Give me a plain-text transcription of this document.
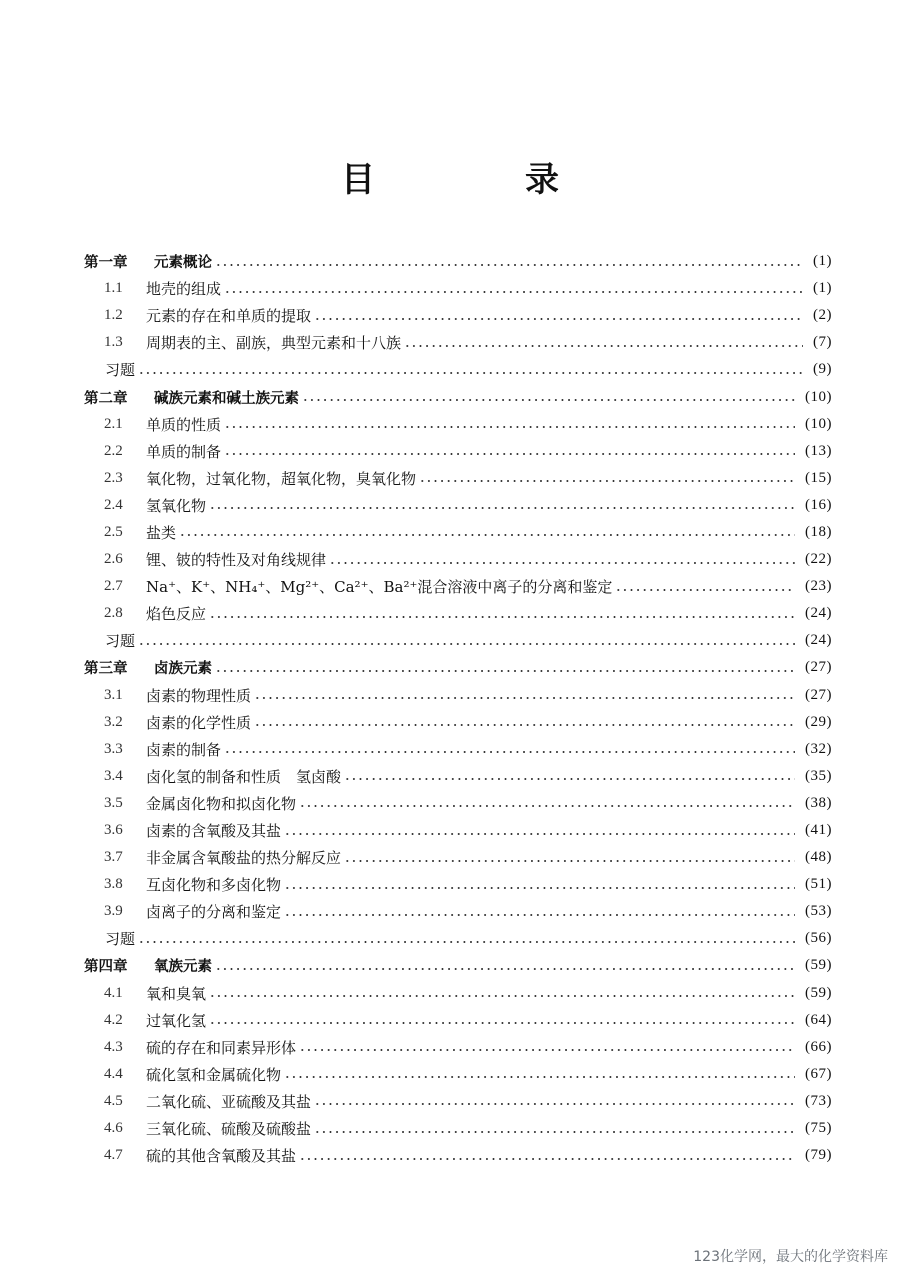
目　录
第一章	元素概论	(1)
1.1	地壳的组成	(1)
1.2	元素的存在和单质的提取	(2)
1.3	周期表的主、副族，典型元素和十八族	(7)
习题	(9)
第二章	碱族元素和碱土族元素	(10)
2.1	单质的性质	(10)
2.2	单质的制备	(13)
2.3	氧化物，过氧化物，超氧化物，臭氧化物	(15)
2.4	氢氧化物	(16)
2.5	盐类	(18)
2.6	锂、铍的特性及对角线规律	(22)
2.7	Na⁺、K⁺、NH₄⁺、Mg²⁺、Ca²⁺、Ba²⁺混合溶液中离子的分离和鉴定	(23)
2.8	焰色反应	(24)
习题	(24)
第三章	卤族元素	(27)
3.1	卤素的物理性质	(27)
3.2	卤素的化学性质	(29)
3.3	卤素的制备	(32)
3.4	卤化氢的制备和性质　氢卤酸	(35)
3.5	金属卤化物和拟卤化物	(38)
3.6	卤素的含氧酸及其盐	(41)
3.7	非金属含氧酸盐的热分解反应	(48)
3.8	互卤化物和多卤化物	(51)
3.9	卤离子的分离和鉴定	(53)
习题	(56)
第四章	氧族元素	(59)
4.1	氧和臭氧	(59)
4.2	过氧化氢	(64)
4.3	硫的存在和同素异形体	(66)
4.4	硫化氢和金属硫化物	(67)
4.5	二氧化硫、亚硫酸及其盐	(73)
4.6	三氧化硫、硫酸及硫酸盐	(75)
4.7	硫的其他含氧酸及其盐	(79)
123化学网，最大的化学资料库
